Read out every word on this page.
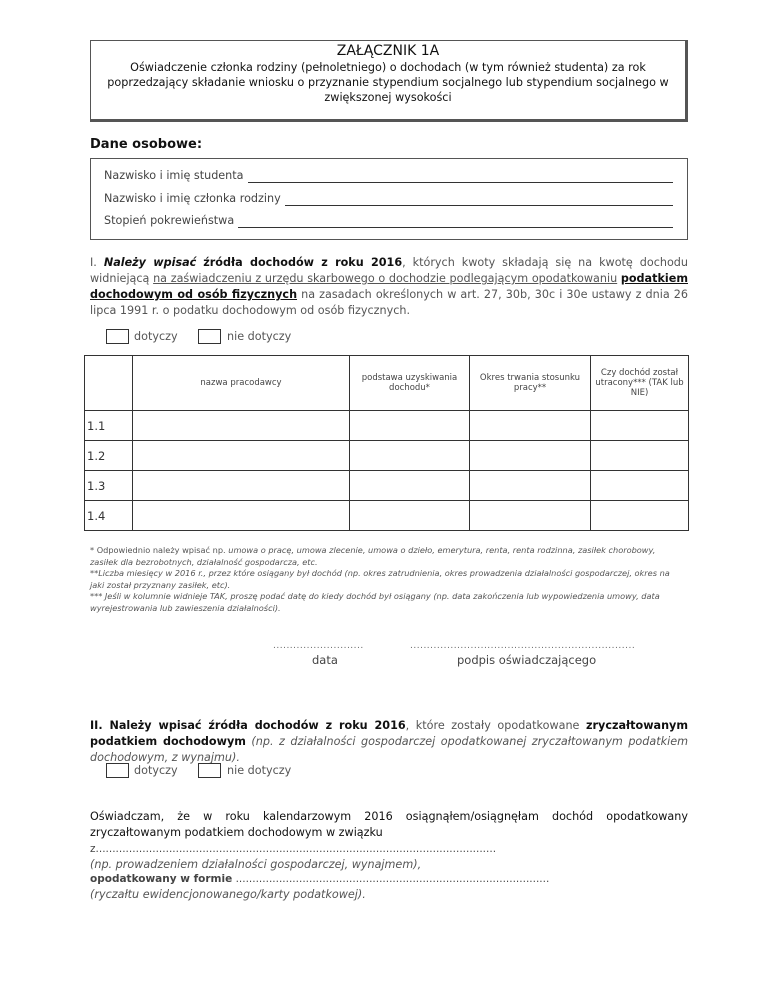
ZAŁĄCZNIK 1A
Oświadczenie członka rodziny (pełnoletniego) o dochodach (w tym również studenta) za rok poprzedzający składanie wniosku o przyznanie stypendium socjalnego lub stypendium socjalnego w zwiększonej wysokości
Dane osobowe:
Nazwisko i imię studenta
Nazwisko i imię członka rodziny
Stopień pokrewieństwa
I. Należy wpisać źródła dochodów z roku 2016, których kwoty składają się na kwotę dochodu widniejącą na zaświadczeniu z urzędu skarbowego o dochodzie podlegającym opodatkowaniu podatkiem dochodowym od osób fizycznych na zasadach określonych w art. 27, 30b, 30c i 30e ustawy z dnia 26 lipca 1991 r. o podatku dochodowym od osób fizycznych.
dotyczy	nie dotyczy
	nazwa pracodawcy	podstawa uzyskiwania dochodu*	Okres trwania stosunku pracy**	Czy dochód został utracony*** (TAK lub NIE)
1.1				
1.2				
1.3				
1.4				
* Odpowiednio należy wpisać np. umowa o pracę, umowa zlecenie, umowa o dzieło, emerytura, renta, renta rodzinna, zasiłek chorobowy, zasiłek dla bezrobotnych, działalność gospodarcza, etc.
**Liczba miesięcy w 2016 r., przez które osiągany był dochód (np. okres zatrudnienia, okres prowadzenia działalności gospodarczej, okres na jaki został przyznany zasiłek, etc).
*** Jeśli w kolumnie widnieje TAK, proszę podać datę do kiedy dochód był osiągany (np. data zakończenia lub wypowiedzenia umowy, data wyrejestrowania lub zawieszenia działalności).
...........................
data
...................................................................
podpis oświadczającego
II. Należy wpisać źródła dochodów z roku 2016, które zostały opodatkowane zryczałtowanym podatkiem dochodowym (np. z działalności gospodarczej opodatkowanej zryczałtowanym podatkiem dochodowym, z wynajmu).
dotyczy	nie dotyczy
Oświadczam, że w roku kalendarzowym 2016 osiągnąłem/osiągnęłam dochód opodatkowany zryczałtowanym podatkiem dochodowym w związku
z........................................................................................................................
(np. prowadzeniem działalności gospodarczej, wynajmem),
opodatkowany w formie ..............................................................................................
(ryczałtu ewidencjonowanego/karty podatkowej).
